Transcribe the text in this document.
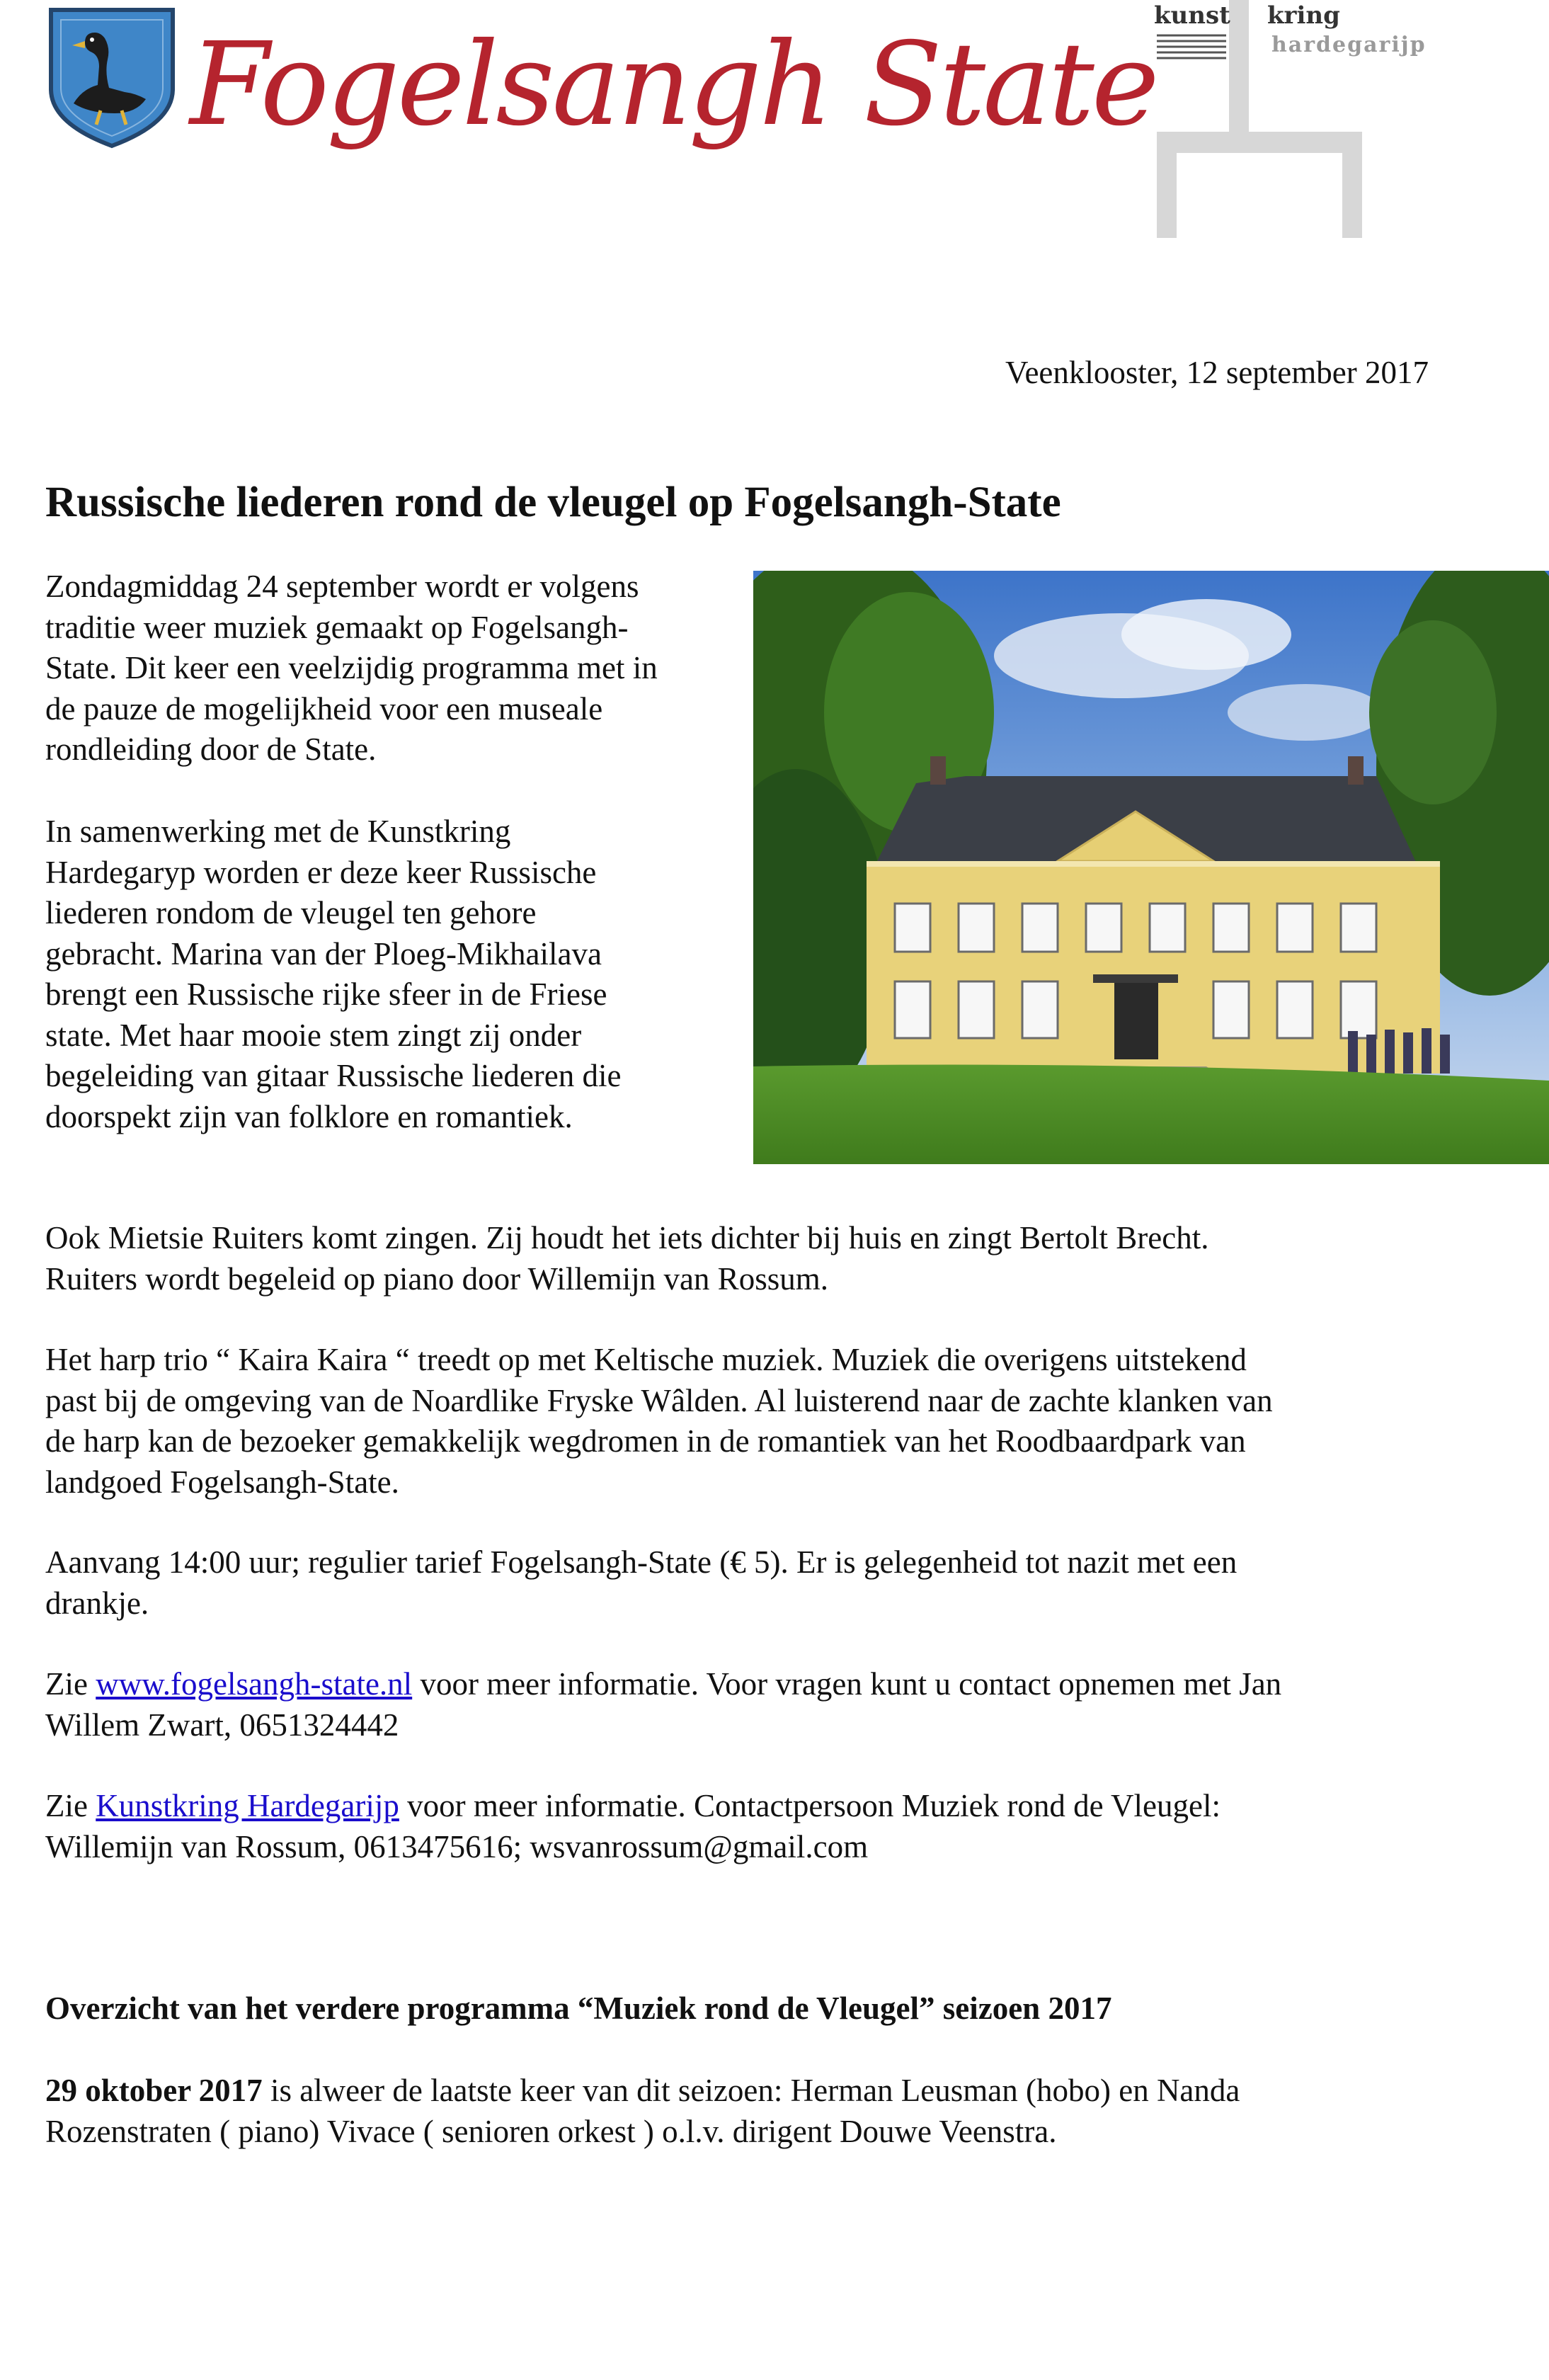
Fogelsangh State
kunst kring
hardegarijp
Veenklooster, 12 september 2017
Russische liederen rond de vleugel op Fogelsangh-State
Zondagmiddag 24 september wordt er volgens
traditie weer muziek gemaakt op Fogelsangh-
State. Dit keer een veelzijdig programma met in
de pauze de mogelijkheid voor een museale
rondleiding door de State.
In samenwerking met de Kunstkring
Hardegaryp worden er deze keer Russische
liederen rondom de vleugel ten gehore
gebracht. Marina van der Ploeg-Mikhailava
brengt een Russische rijke sfeer in de Friese
state. Met haar mooie stem zingt zij onder
begeleiding van gitaar Russische liederen die
doorspekt zijn van folklore en romantiek.
Ook Mietsie Ruiters komt zingen. Zij houdt het iets dichter bij huis en zingt Bertolt Brecht.
Ruiters wordt begeleid op piano door Willemijn van Rossum.
Het harp trio “ Kaira Kaira “ treedt op met Keltische muziek. Muziek die overigens uitstekend
past bij de omgeving van de Noardlike Fryske Wâlden. Al luisterend naar de zachte klanken van
de harp kan de bezoeker gemakkelijk wegdromen in de romantiek van het Roodbaardpark van
landgoed Fogelsangh-State.
Aanvang 14:00 uur; regulier tarief Fogelsangh-State (€ 5). Er is gelegenheid tot nazit met een
drankje.
Zie www.fogelsangh-state.nl voor meer informatie. Voor vragen kunt u contact opnemen met Jan
Willem Zwart, 0651324442
Zie Kunstkring Hardegarijp voor meer informatie. Contactpersoon Muziek rond de Vleugel:
Willemijn van Rossum, 0613475616; wsvanrossum@gmail.com
Overzicht van het verdere programma “Muziek rond de Vleugel” seizoen 2017
29 oktober 2017 is alweer de laatste keer van dit seizoen: Herman Leusman (hobo) en Nanda
Rozenstraten ( piano) Vivace ( senioren orkest ) o.l.v. dirigent Douwe Veenstra.
